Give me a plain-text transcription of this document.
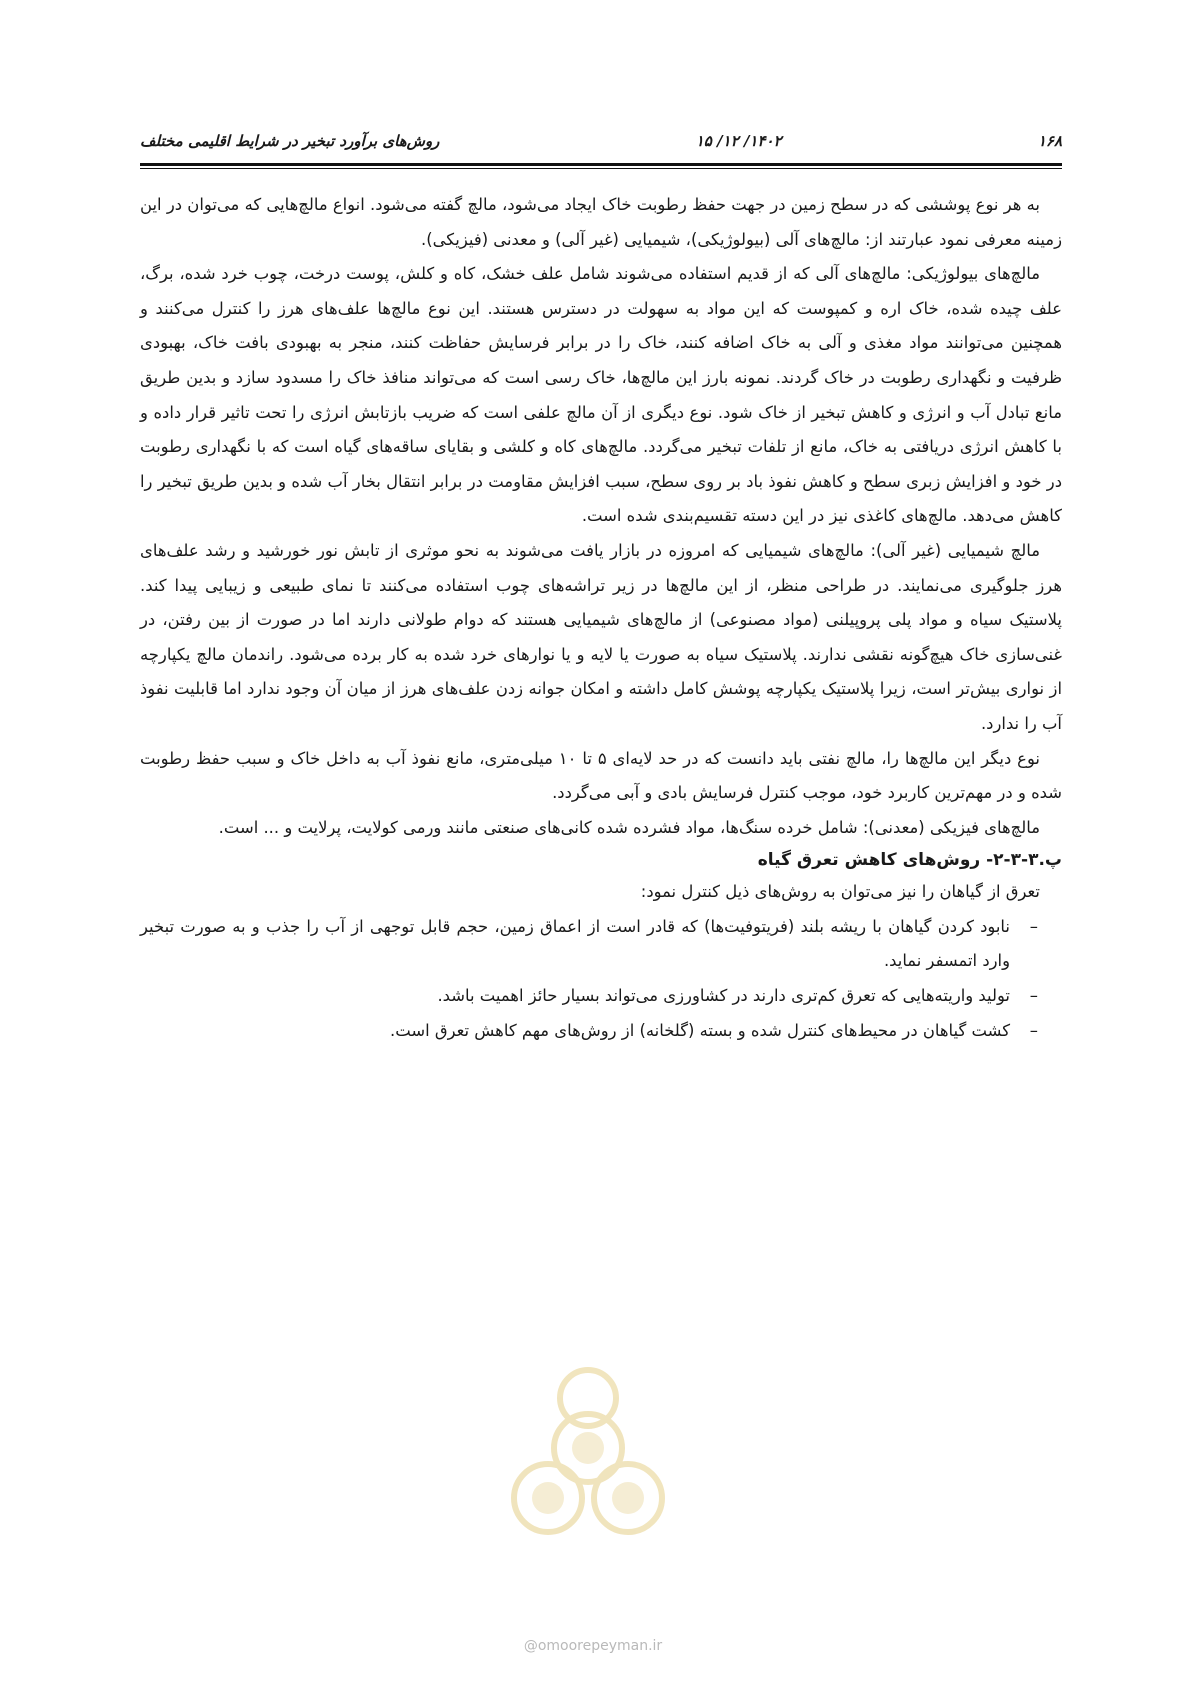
۱۶۸
۱۴۰۲/ ۱۲/ ۱۵
روش‌های برآورد تبخیر در شرایط اقلیمی مختلف

به هر نوع پوششی که در سطح زمین در جهت حفظ رطوبت خاک ایجاد می‌شود، مالچ گفته می‌شود. انواع مالچ‌هایی که می‌توان در این زمینه معرفی نمود عبارتند از: مالچ‌های آلی (بیولوژیکی)، شیمیایی (غیر آلی) و معدنی (فیزیکی).

مالچ‌های بیولوژیکی: مالچ‌های آلی که از قدیم استفاده می‌شوند شامل علف خشک، کاه و کلش، پوست درخت، چوب خرد شده، برگ، علف چیده شده، خاک اره و کمپوست که این مواد به سهولت در دسترس هستند. این نوع مالچ‌ها علف‌های هرز را کنترل می‌کنند و همچنین می‌توانند مواد مغذی و آلی به خاک اضافه کنند، خاک را در برابر فرسایش حفاظت کنند، منجر به بهبودی بافت خاک، بهبودی ظرفیت و نگهداری رطوبت در خاک گردند. نمونه بارز این مالچ‌ها، خاک رسی است که می‌تواند منافذ خاک را مسدود سازد و بدین طریق مانع تبادل آب و انرژی و کاهش تبخیر از خاک شود. نوع دیگری از آن مالچ علفی است که ضریب بازتابش انرژی را تحت تاثیر قرار داده و با کاهش انرژی دریافتی به خاک، مانع از تلفات تبخیر می‌گردد. مالچ‌های کاه و کلشی و بقایای ساقه‌های گیاه است که با نگهداری رطوبت در خود و افزایش زبری سطح و کاهش نفوذ باد بر روی سطح، سبب افزایش مقاومت در برابر انتقال بخار آب شده و بدین طریق تبخیر را کاهش می‌دهد. مالچ‌های کاغذی نیز در این دسته تقسیم‌بندی شده است.

مالچ شیمیایی (غیر آلی): مالچ‌های شیمیایی که امروزه در بازار یافت می‌شوند به نحو موثری از تابش نور خورشید و رشد علف‌های هرز جلوگیری می‌نمایند. در طراحی منظر، از این مالچ‌ها در زیر تراشه‌های چوب استفاده می‌کنند تا نمای طبیعی و زیبایی پیدا کند. پلاستیک سیاه و مواد پلی پروپیلنی (مواد مصنوعی) از مالچ‌های شیمیایی هستند که دوام طولانی دارند اما در صورت از بین رفتن، در غنی‌سازی خاک هیچ‌گونه نقشی ندارند. پلاستیک سیاه به صورت یا لایه و یا نوارهای خرد شده به کار برده می‌شود. راندمان مالچ یکپارچه از نواری بیش‌تر است، زیرا پلاستیک یکپارچه پوشش کامل داشته و امکان جوانه زدن علف‌های هرز از میان آن وجود ندارد اما قابلیت نفوذ آب را ندارد.

نوع دیگر این مالچ‌ها را، مالچ نفتی باید دانست که در حد لایه‌ای ۵ تا ۱۰ میلی‌متری، مانع نفوذ آب به داخل خاک و سبب حفظ رطوبت شده و در مهم‌ترین کاربرد خود، موجب کنترل فرسایش بادی و آبی می‌گردد.

مالچ‌های فیزیکی (معدنی): شامل خرده سنگ‌ها، مواد فشرده شده کانی‌های صنعتی مانند ورمی کولایت، پرلایت و ... است.

پ.۳-۳-۲- روش‌های کاهش تعرق گیاه

تعرق از گیاهان را نیز می‌توان به روش‌های ذیل کنترل نمود:

– نابود کردن گیاهان با ریشه بلند (فریتوفیت‌ها) که قادر است از اعماق زمین، حجم قابل توجهی از آب را جذب و به صورت تبخیر وارد اتمسفر نماید.
– تولید واریته‌هایی که تعرق کم‌تری دارند در کشاورزی می‌تواند بسیار حائز اهمیت باشد.
– کشت گیاهان در محیط‌های کنترل شده و بسته (گلخانه) از روش‌های مهم کاهش تعرق است.
@omoorepeyman.ir
